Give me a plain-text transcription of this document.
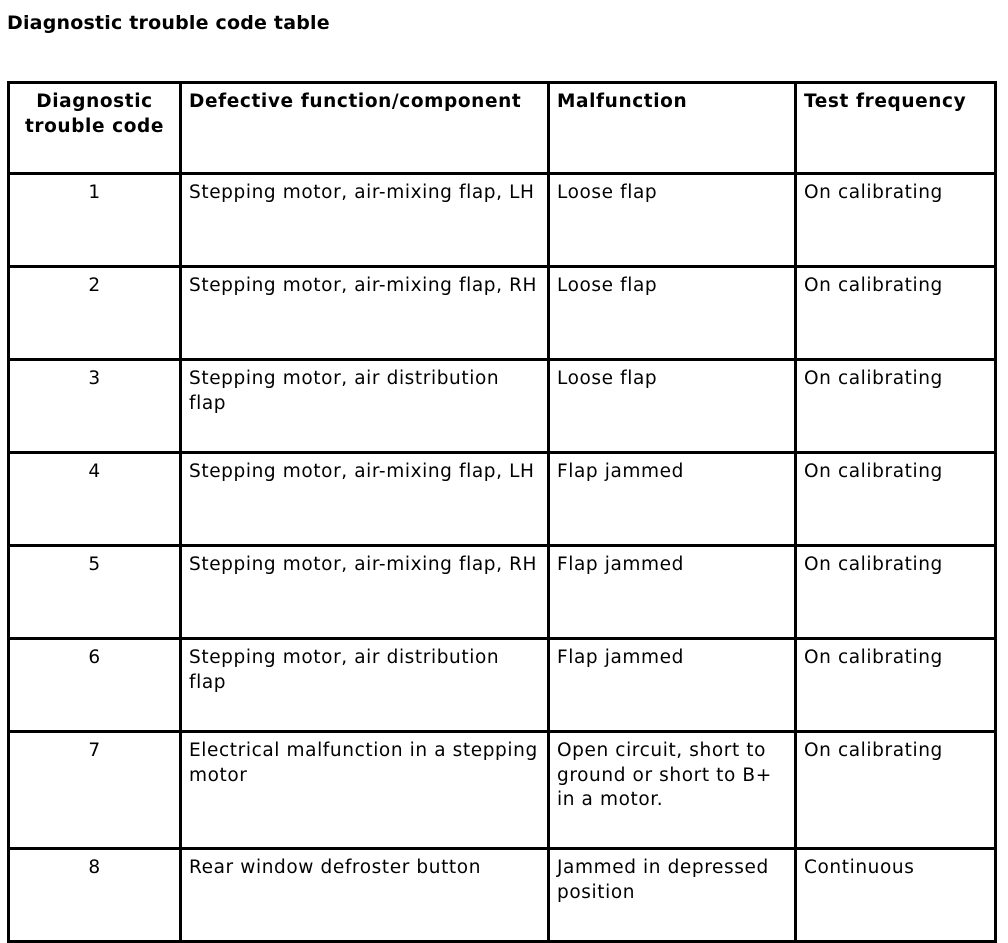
Diagnostic trouble code table
Diagnostic trouble code	Defective function/component	Malfunction	Test frequency
1	Stepping motor, air-mixing flap, LH	Loose flap	On calibrating
2	Stepping motor, air-mixing flap, RH	Loose flap	On calibrating
3	Stepping motor, air distribution flap	Loose flap	On calibrating
4	Stepping motor, air-mixing flap, LH	Flap jammed	On calibrating
5	Stepping motor, air-mixing flap, RH	Flap jammed	On calibrating
6	Stepping motor, air distribution flap	Flap jammed	On calibrating
7	Electrical malfunction in a stepping motor	Open circuit, short to ground or short to B+ in a motor.	On calibrating
8	Rear window defroster button	Jammed in depressed position	Continuous
